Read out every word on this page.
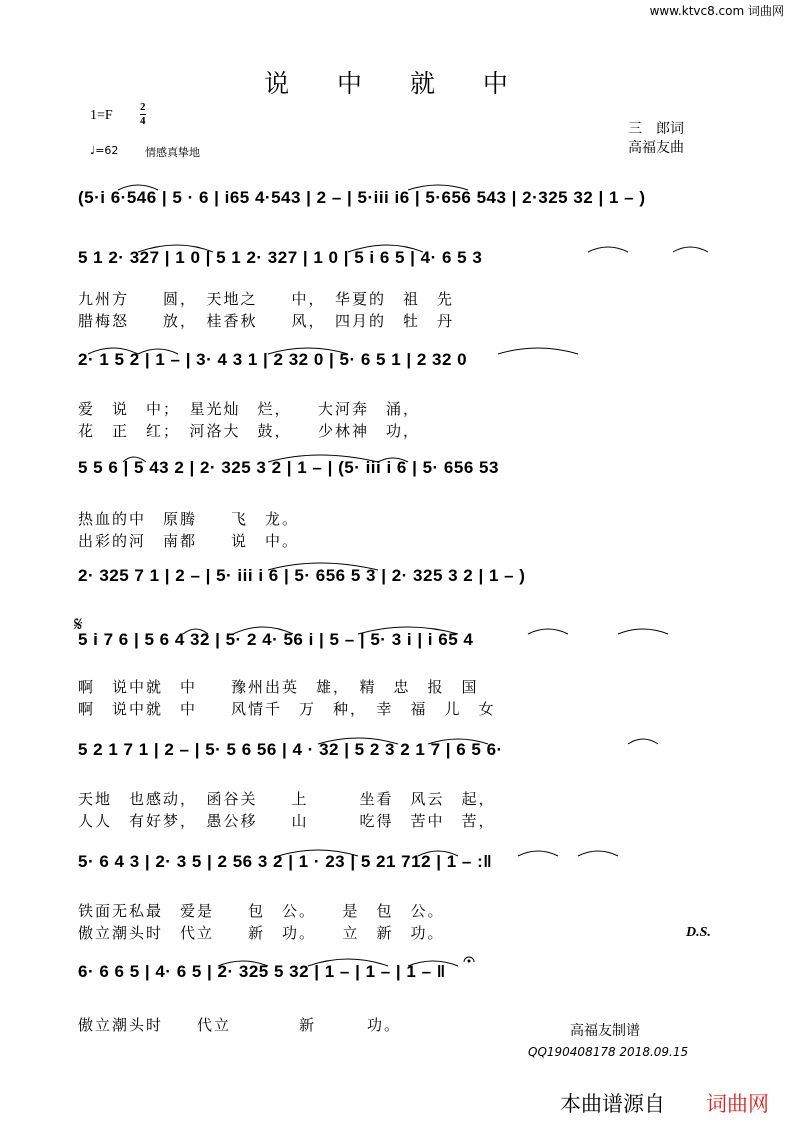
www.ktvc8.com 词曲网
说 中 就 中
1=F
2
4
♩=62 情感真挚地
三　郎词
高福友曲
(5·i 6·546 | 5 · 6 | i65 4·543 | 2 – | 5·iii i6 | 5·656 543 | 2·325 32 | 1 – )
5 1 2· 327 | 1 0 | 5 1 2· 327 | 1 0 | 5 i 6 5 | 4· 6 5 3
九州方　　圆，　天地之　　中，　华夏的　祖　先
腊梅怒　　放，　桂香秋　　风，　四月的　牡　丹
2· 1 5 2 | 1 – | 3· 4 3 1 | 2 32 0 | 5· 6 5 1 | 2 32 0
爱　说　中；　星光灿　烂，　　大河奔　涌，
花　正　红；　河洛大　鼓，　　少林神　功，
5 5 6 | 5 43 2 | 2· 325 3 2 | 1 – | (5· iii i 6 | 5· 656 53
热血的中　原腾　　飞　龙。
出彩的河　南都　　说　中。
2· 325 7 1 | 2 – | 5· iii i 6 | 5· 656 5 3 | 2· 325 3 2 | 1 – )
𝄋
5 i 7 6 | 5 6 4 32 | 5· 2 4· 56 i | 5 – | 5· 3 i | i 65 4
啊　说中就　中　　豫州出英　雄，　精　忠　报　国
啊　说中就　中　　风情千　万　种，　幸　福　儿　女
5 2 1 7 1 | 2 – | 5· 5 6 56 | 4 · 32 | 5 2 3 2 1 7 | 6 5 6·
天地　也感动，　函谷关　　上　　　坐看　风云　起，
人人　有好梦，　愚公移　　山　　　吃得　苦中　苦，
5· 6 4 3 | 2· 3 5 | 2 56 3 2 | 1 · 23 | 5 21 712 | 1 – :‖
铁面无私最　爱是　　包　公。　　是　包　公。
傲立潮头时　代立　　新　功。　　立　新　功。	D.S.
6· 6 6 5 | 4· 6 5 | 2· 325 5 32 | 1 – | 1 – | 1 – ‖
傲立潮头时　　代立　　　　新　　　功。	高福友制谱
QQ190408178 2018.09.15
本曲谱源自 词曲网
